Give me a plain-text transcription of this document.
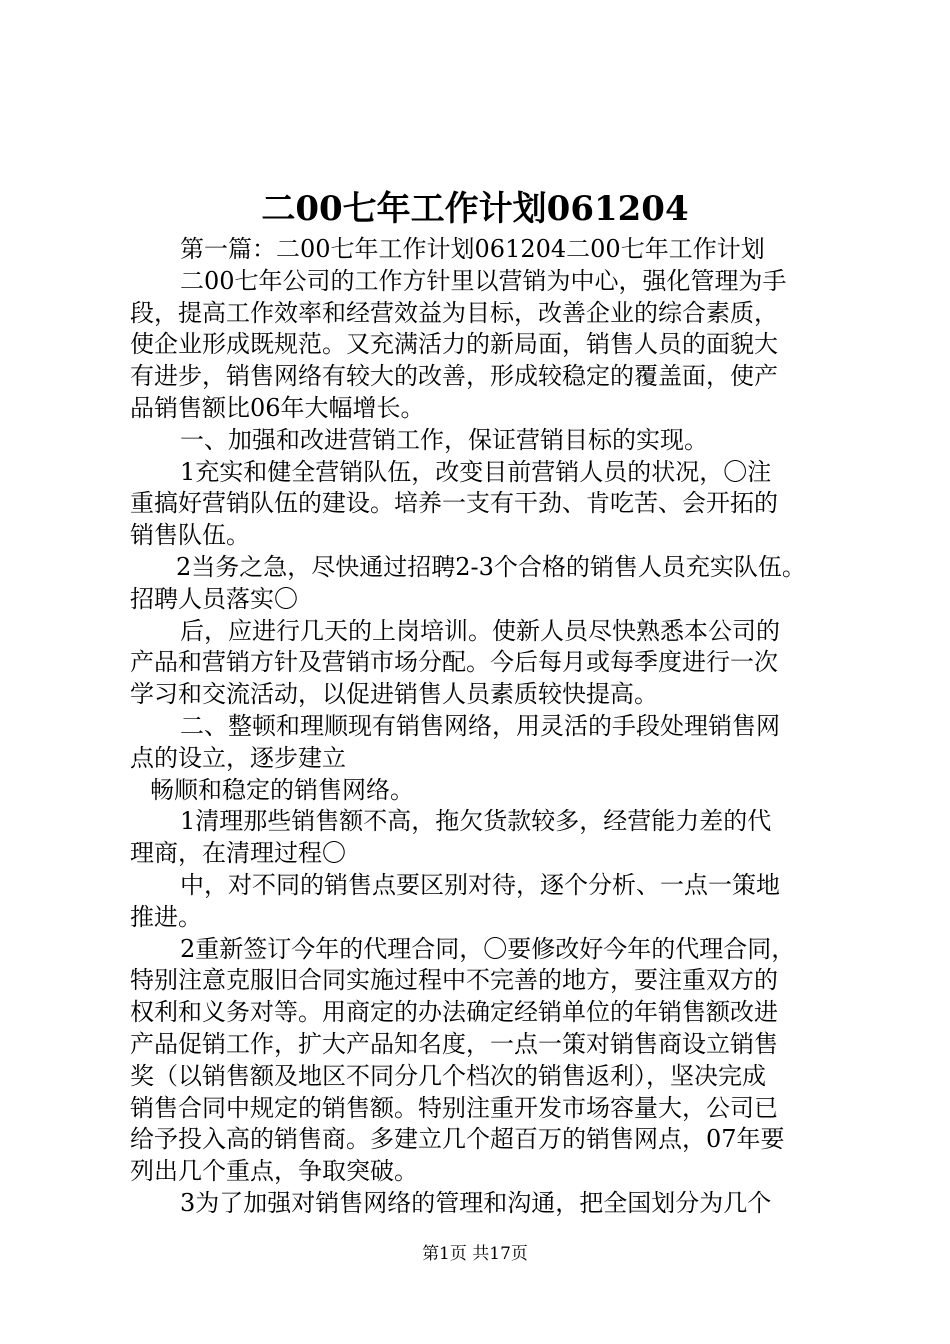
二00七年工作计划061204
第一篇：二00七年工作计划061204二00七年工作计划
二00七年公司的工作方针里以营销为中心，强化管理为手
段，提高工作效率和经营效益为目标，改善企业的综合素质，
使企业形成既规范。又充满活力的新局面，销售人员的面貌大
有进步，销售网络有较大的改善，形成较稳定的覆盖面，使产
品销售额比06年大幅增长。
一、加强和改进营销工作，保证营销目标的实现。
1充实和健全营销队伍，改变目前营销人员的状况，〇注
重搞好营销队伍的建设。培养一支有干劲、肯吃苦、会开拓的
销售队伍。
2当务之急，尽快通过招聘2-3个合格的销售人员充实队伍。
招聘人员落实〇
后，应进行几天的上岗培训。使新人员尽快熟悉本公司的
产品和营销方针及营销市场分配。今后每月或每季度进行一次
学习和交流活动，以促进销售人员素质较快提高。
二、整顿和理顺现有销售网络，用灵活的手段处理销售网
点的设立，逐步建立
畅顺和稳定的销售网络。
1清理那些销售额不高，拖欠货款较多，经营能力差的代
理商，在清理过程〇
中，对不同的销售点要区别对待，逐个分析、一点一策地
推进。
2重新签订今年的代理合同，〇要修改好今年的代理合同，
特别注意克服旧合同实施过程中不完善的地方，要注重双方的
权利和义务对等。用商定的办法确定经销单位的年销售额改进
产品促销工作，扩大产品知名度，一点一策对销售商设立销售
奖（以销售额及地区不同分几个档次的销售返利），坚决完成
销售合同中规定的销售额。特别注重开发市场容量大，公司已
给予投入高的销售商。多建立几个超百万的销售网点，07年要
列出几个重点，争取突破。
3为了加强对销售网络的管理和沟通，把全国划分为几个
第1页 共17页
